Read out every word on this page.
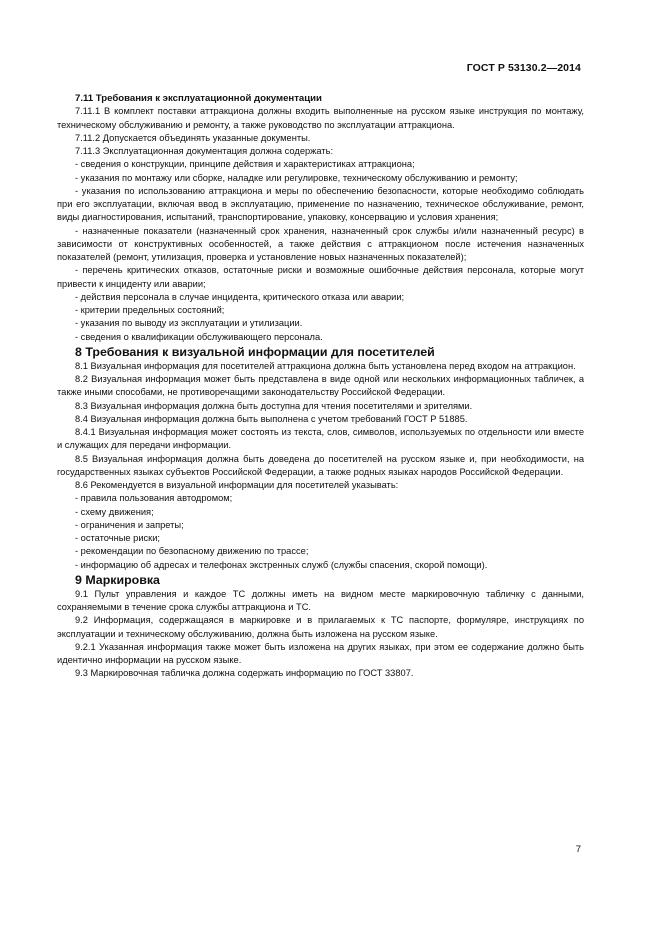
ГОСТ Р 53130.2—2014

7.11 Требования к эксплуатационной документации

7.11.1 В комплект поставки аттракциона должны входить выполненные на русском языке инструкция по монтажу, техническому обслуживанию и ремонту, а также руководство по эксплуатации аттракциона.

7.11.2 Допускается объединять указанные документы.

7.11.3 Эксплуатационная документация должна содержать:

- сведения о конструкции, принципе действия и характеристиках аттракциона;

- указания по монтажу или сборке, наладке или регулировке, техническому обслуживанию и ремонту;

- указания по использованию аттракциона и меры по обеспечению безопасности, которые необходимо соблюдать при его эксплуатации, включая ввод в эксплуатацию, применение по назначению, техническое обслуживание, ремонт, виды диагностирования, испытаний, транспортирование, упаковку, консервацию и условия хранения;

- назначенные показатели (назначенный срок хранения, назначенный срок службы и/или назначенный ресурс) в зависимости от конструктивных особенностей, а также действия с аттракционом после истечения назначенных показателей (ремонт, утилизация, проверка и установление новых назначенных показателей);

- перечень критических отказов, остаточные риски и возможные ошибочные действия персонала, которые могут привести к инциденту или аварии;

- действия персонала в случае инцидента, критического отказа или аварии;

- критерии предельных состояний;

- указания по выводу из эксплуатации и утилизации.

- сведения о квалификации обслуживающего персонала.

8 Требования к визуальной информации для посетителей

8.1 Визуальная информация для посетителей аттракциона должна быть установлена перед входом на аттракцион.

8.2 Визуальная информация может быть представлена в виде одной или нескольких информационных табличек, а также иными способами, не противоречащими законодательству Российской Федерации.

8.3 Визуальная информация должна быть доступна для чтения посетителями и зрителями.

8.4 Визуальная информация должна быть выполнена с учетом требований ГОСТ Р 51885.

8.4.1 Визуальная информация может состоять из текста, слов, символов, используемых по отдельности или вместе и служащих для передачи информации.

8.5 Визуальная информация должна быть доведена до посетителей на русском языке и, при необходимости, на государственных языках субъектов Российской Федерации, а также родных языках народов Российской Федерации.

8.6 Рекомендуется в визуальной информации для посетителей указывать:

- правила пользования автодромом;

- схему движения;

- ограничения и запреты;

- остаточные риски;

- рекомендации по безопасному движению по трассе;

- информацию об адресах и телефонах экстренных служб (службы спасения, скорой помощи).

9 Маркировка

9.1 Пульт управления и каждое ТС должны иметь на видном месте маркировочную табличку с данными, сохраняемыми в течение срока службы аттракциона и ТС.

9.2 Информация, содержащаяся в маркировке и в прилагаемых к ТС паспорте, формуляре, инструкциях по эксплуатации и техническому обслуживанию, должна быть изложена на русском языке.

9.2.1 Указанная информация также может быть изложена на других языках, при этом ее содержание должно быть идентично информации на русском языке.

9.3 Маркировочная табличка должна содержать информацию по ГОСТ 33807.

7
